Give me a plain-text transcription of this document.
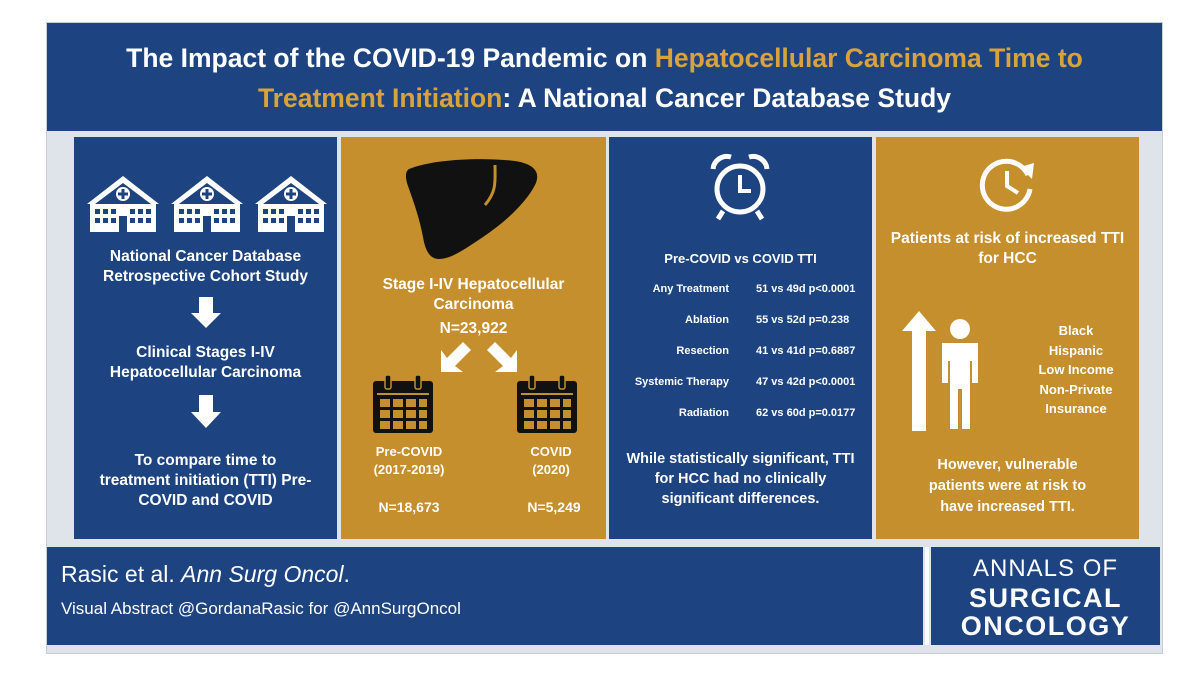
The Impact of the COVID-19 Pandemic on Hepatocellular Carcinoma Time to
Treatment Initiation: A National Cancer Database Study
National Cancer Database
Retrospective Cohort Study
Clinical Stages I-IV
Hepatocellular Carcinoma
To compare time to
treatment initiation (TTI) Pre-
COVID and COVID
Stage I-IV Hepatocellular
Carcinoma
N=23,922
Pre-COVID
(2017-2019)
COVID
(2020)
N=18,673	N=5,249
Pre-COVID vs COVID TTI
Any Treatment 51 vs 49d p<0.0001
Ablation 55 vs 52d p=0.238
Resection 41 vs 41d p=0.6887
Systemic Therapy 47 vs 42d p<0.0001
Radiation 62 vs 60d p=0.0177
While statistically significant, TTI
for HCC had no clinically
significant differences.
Patients at risk of increased TTI
for HCC
Black
Hispanic
Low Income
Non-Private
Insurance
However, vulnerable
patients were at risk to
have increased TTI.
Rasic et al. Ann Surg Oncol.
Visual Abstract @GordanaRasic for @AnnSurgOncol
ANNALS OF
SURGICAL
ONCOLOGY
